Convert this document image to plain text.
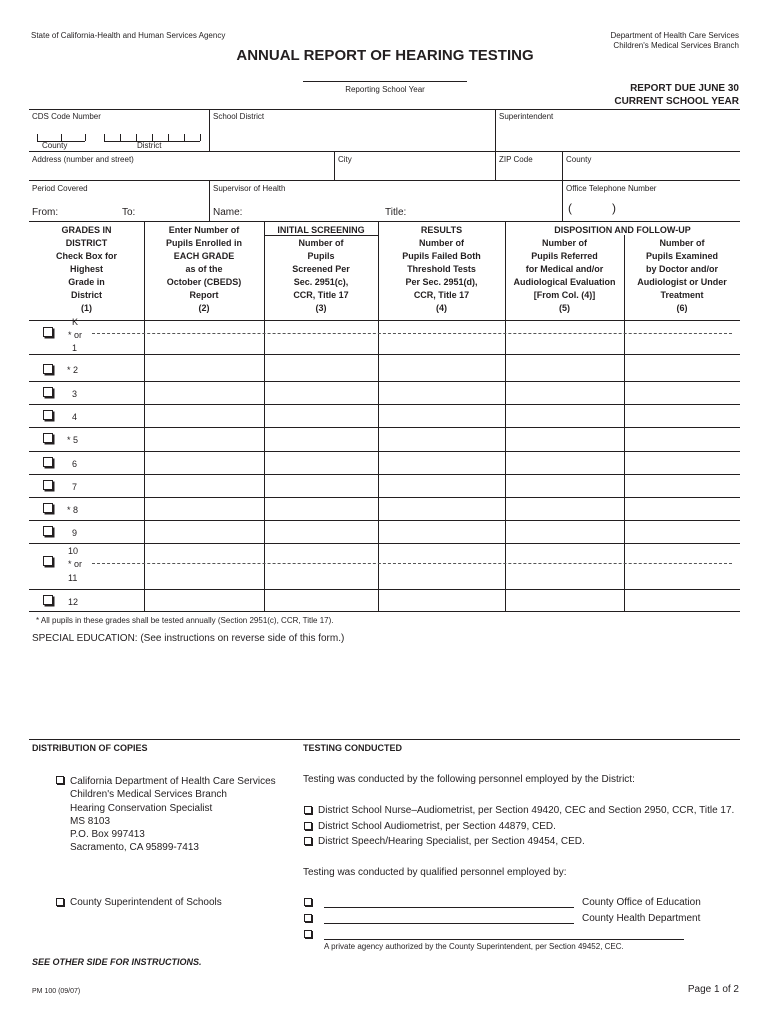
State of California-Health and Human Services Agency	Department of Health Care Services
Children's Medical Services Branch
ANNUAL REPORT OF HEARING TESTING
Reporting School Year	REPORT DUE JUNE 30
CURRENT SCHOOL YEAR
CDS Code Number
County	District
School District	Superintendent
Address (number and street)	City	ZIP Code	County
Period Covered	Supervisor of Health	Office Telephone Number
From:	To:	Name:	Title:	(	)
GRADES IN
DISTRICT
Check Box for
Highest
Grade in
District
(1)
Enter Number of
Pupils Enrolled in
EACH GRADE
as of the
October (CBEDS)
Report
(2)
INITIAL SCREENING
Number of
Pupils
Screened Per
Sec. 2951(c),
CCR, Title 17
(3)
RESULTS
Number of
Pupils Failed Both
Threshold Tests
Per Sec. 2951(d),
CCR, Title 17
(4)
DISPOSITION AND FOLLOW-UP
Number of
Pupils Referred
for Medical and/or
Audiological Evaluation
[From Col. (4)]
(5)
Number of
Pupils Examined
by Doctor and/or
Audiologist or Under
Treatment
(6)
K
* or
1
* 2
3
4
* 5
6
7
* 8
9
10
* or
11
12
* All pupils in these grades shall be tested annually (Section 2951(c), CCR, Title 17).
SPECIAL EDUCATION: (See instructions on reverse side of this form.)
DISTRIBUTION OF COPIES	TESTING CONDUCTED
California Department of Health Care Services
Children's Medical Services Branch
Hearing Conservation Specialist
MS 8103
P.O. Box 997413
Sacramento, CA 95899-7413
County Superintendent of Schools
SEE OTHER SIDE FOR INSTRUCTIONS.
Testing was conducted by the following personnel employed by the District:
District School Nurse–Audiometrist, per Section 49420, CEC and Section 2950, CCR, Title 17.
District School Audiometrist, per Section 44879, CED.
District Speech/Hearing Specialist, per Section 49454, CED.
Testing was conducted by qualified personnel employed by:
County Office of Education
County Health Department
A private agency authorized by the County Superintendent, per Section 49452, CEC.
PM 100 (09/07)	Page 1 of 2
